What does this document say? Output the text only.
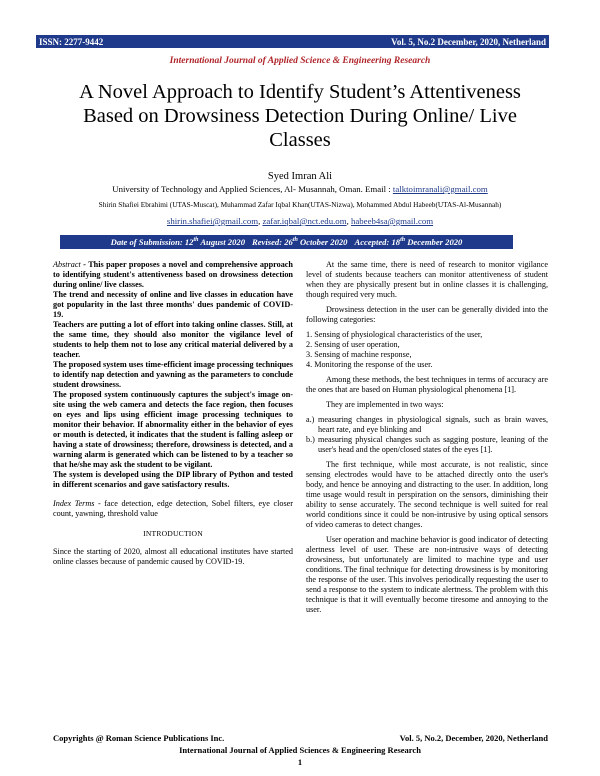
ISSN: 2277-9442	Vol. 5, No.2 December, 2020, Netherland
International Journal of Applied Science & Engineering Research
A Novel Approach to Identify Student’s Attentiveness Based on Drowsiness Detection During Online/ Live Classes
Syed Imran Ali
University of Technology and Applied Sciences, Al- Musannah, Oman. Email : talktoimranali@gmail.com
Shirin Shafiei Ebrahimi (UTAS-Muscat), Muhammad Zafar Iqbal Khan(UTAS-Nizwa), Mohammed Abdul Habeeb(UTAS-Al-Musannah)
shirin.shafiei@gmail.com, zafar.iqbal@nct.edu.om, habeeb4sa@gmail.com
Date of Submission: 12th August 2020 Revised: 26th October 2020 Accepted: 18th December 2020

Abstract - This paper proposes a novel and comprehensive approach to identifying student's attentiveness based on drowsiness detection during online/ live classes.

The trend and necessity of online and live classes in education have got popularity in the last three months' dues pandemic of COVID-19.

Teachers are putting a lot of effort into taking online classes. Still, at the same time, they should also monitor the vigilance level of students to help them not to lose any critical material delivered by a teacher.

The proposed system uses time-efficient image processing techniques to identify nap detection and yawning as the parameters to conclude student drowsiness.

The proposed system continuously captures the subject's image on-site using the web camera and detects the face region, then focuses on eyes and lips using efficient image processing techniques to monitor their behavior. If abnormality either in the behavior of eyes or mouth is detected, it indicates that the student is falling asleep or having a state of drowsiness; therefore, drowsiness is detected, and a warning alarm is generated which can be listened to by a teacher so that he/she may ask the student to be vigilant.

The system is developed using the DIP library of Python and tested in different scenarios and gave satisfactory results.

Index Terms - face detection, edge detection, Sobel filters, eye closer count, yawning, threshold value

INTRODUCTION

Since the starting of 2020, almost all educational institutes have started online classes because of pandemic caused by COVID-19.

At the same time, there is need of research to monitor vigilance level of students because teachers can monitor attentiveness of student when they are physically present but in online classes it is challenging, though required very much.

Drowsiness detection in the user can be generally divided into the following categories:

1. Sensing of physiological characteristics of the user,
2. Sensing of user operation,
3. Sensing of machine response,
4. Monitoring the response of the user.

Among these methods, the best techniques in terms of accuracy are the ones that are based on Human physiological phenomena [1].

They are implemented in two ways:

a.) measuring changes in physiological signals, such as brain waves, heart rate, and eye blinking and
b.) measuring physical changes such as sagging posture, leaning of the user's head and the open/closed states of the eyes [1].

The first technique, while most accurate, is not realistic, since sensing electrodes would have to be attached directly onto the user's body, and hence be annoying and distracting to the user. In addition, long time usage would result in perspiration on the sensors, diminishing their ability to sense accurately. The second technique is well suited for real world conditions since it could be non-intrusive by using optical sensors of video cameras to detect changes.

User operation and machine behavior is good indicator of detecting alertness level of user. These are non-intrusive ways of detecting drowsiness, but unfortunately are limited to machine type and user conditions. The final technique for detecting drowsiness is by monitoring the response of the user. This involves periodically requesting the user to send a response to the system to indicate alertness. The problem with this technique is that it will eventually become tiresome and annoying to the user.

Copyrights @ Roman Science Publications Inc.	Vol. 5, No.2, December, 2020, Netherland
International Journal of Applied Sciences & Engineering Research
1
